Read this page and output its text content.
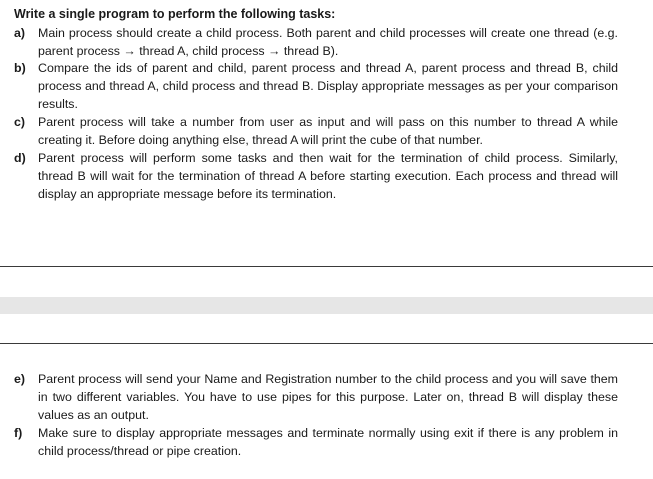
Write a single program to perform the following tasks:
a)	Main process should create a child process. Both parent and child processes will create one thread (e.g. parent process → thread A, child process → thread B).
b) Compare the ids of parent and child, parent process and thread A, parent process and thread B, child process and thread A, child process and thread B. Display appropriate messages as per your comparison results.
c)	Parent process will take a number from user as input and will pass on this number to thread A while creating it. Before doing anything else, thread A will print the cube of that number.
d) Parent process will perform some tasks and then wait for the termination of child process. Similarly, thread B will wait for the termination of thread A before starting execution. Each process and thread will display an appropriate message before its termination.
e)	Parent process will send your Name and Registration number to the child process and you will save them in two different variables. You have to use pipes for this purpose. Later on, thread B will display these values as an output.
f)	Make sure to display appropriate messages and terminate normally using exit if there is any problem in child process/thread or pipe creation.
